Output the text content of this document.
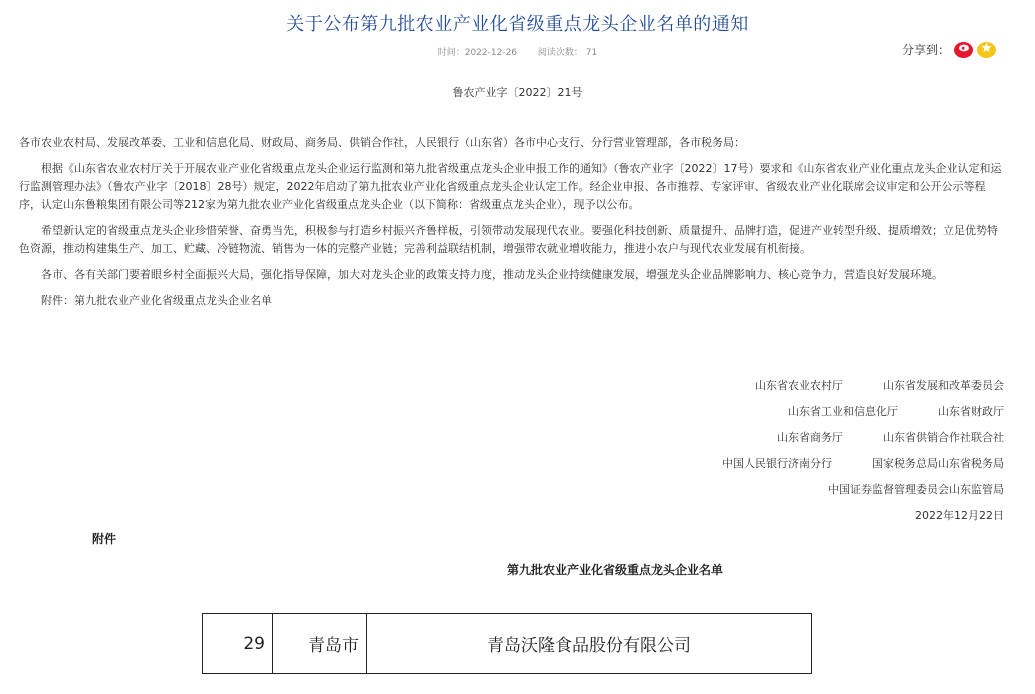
关于公布第九批农业产业化省级重点龙头企业名单的通知
时间：2022-12-26 阅读次数： 71	分享到：
鲁农产业字〔2022〕21号

各市农业农村局、发展改革委、工业和信息化局、财政局、商务局、供销合作社，人民银行（山东省）各市中心支行、分行营业管理部，各市税务局：

根据《山东省农业农村厅关于开展农业产业化省级重点龙头企业运行监测和第九批省级重点龙头企业申报工作的通知》（鲁农产业字〔2022〕17号）要求和《山东省农业产业化重点龙头企业认定和运行监测管理办法》（鲁农产业字〔2018〕28号）规定，2022年启动了第九批农业产业化省级重点龙头企业认定工作。经企业申报、各市推荐、专家评审、省级农业产业化联席会议审定和公开公示等程序，认定山东鲁粮集团有限公司等212家为第九批农业产业化省级重点龙头企业（以下简称：省级重点龙头企业），现予以公布。

希望新认定的省级重点龙头企业珍惜荣誉、奋勇当先，积极参与打造乡村振兴齐鲁样板，引领带动发展现代农业。要强化科技创新、质量提升、品牌打造，促进产业转型升级、提质增效；立足优势特色资源，推动构建集生产、加工、贮藏、冷链物流、销售为一体的完整产业链；完善利益联结机制，增强带农就业增收能力，推进小农户与现代农业发展有机衔接。

各市、各有关部门要着眼乡村全面振兴大局，强化指导保障，加大对龙头企业的政策支持力度，推动龙头企业持续健康发展，增强龙头企业品牌影响力、核心竞争力，营造良好发展环境。

附件：第九批农业产业化省级重点龙头企业名单

山东省农业农村厅	山东省发展和改革委员会
山东省工业和信息化厅	山东省财政厅
山东省商务厅	山东省供销合作社联合社
中国人民银行济南分行	国家税务总局山东省税务局
中国证券监督管理委员会山东监管局
2022年12月22日
附件
第九批农业产业化省级重点龙头企业名单
29	青岛市	青岛沃隆食品股份有限公司
